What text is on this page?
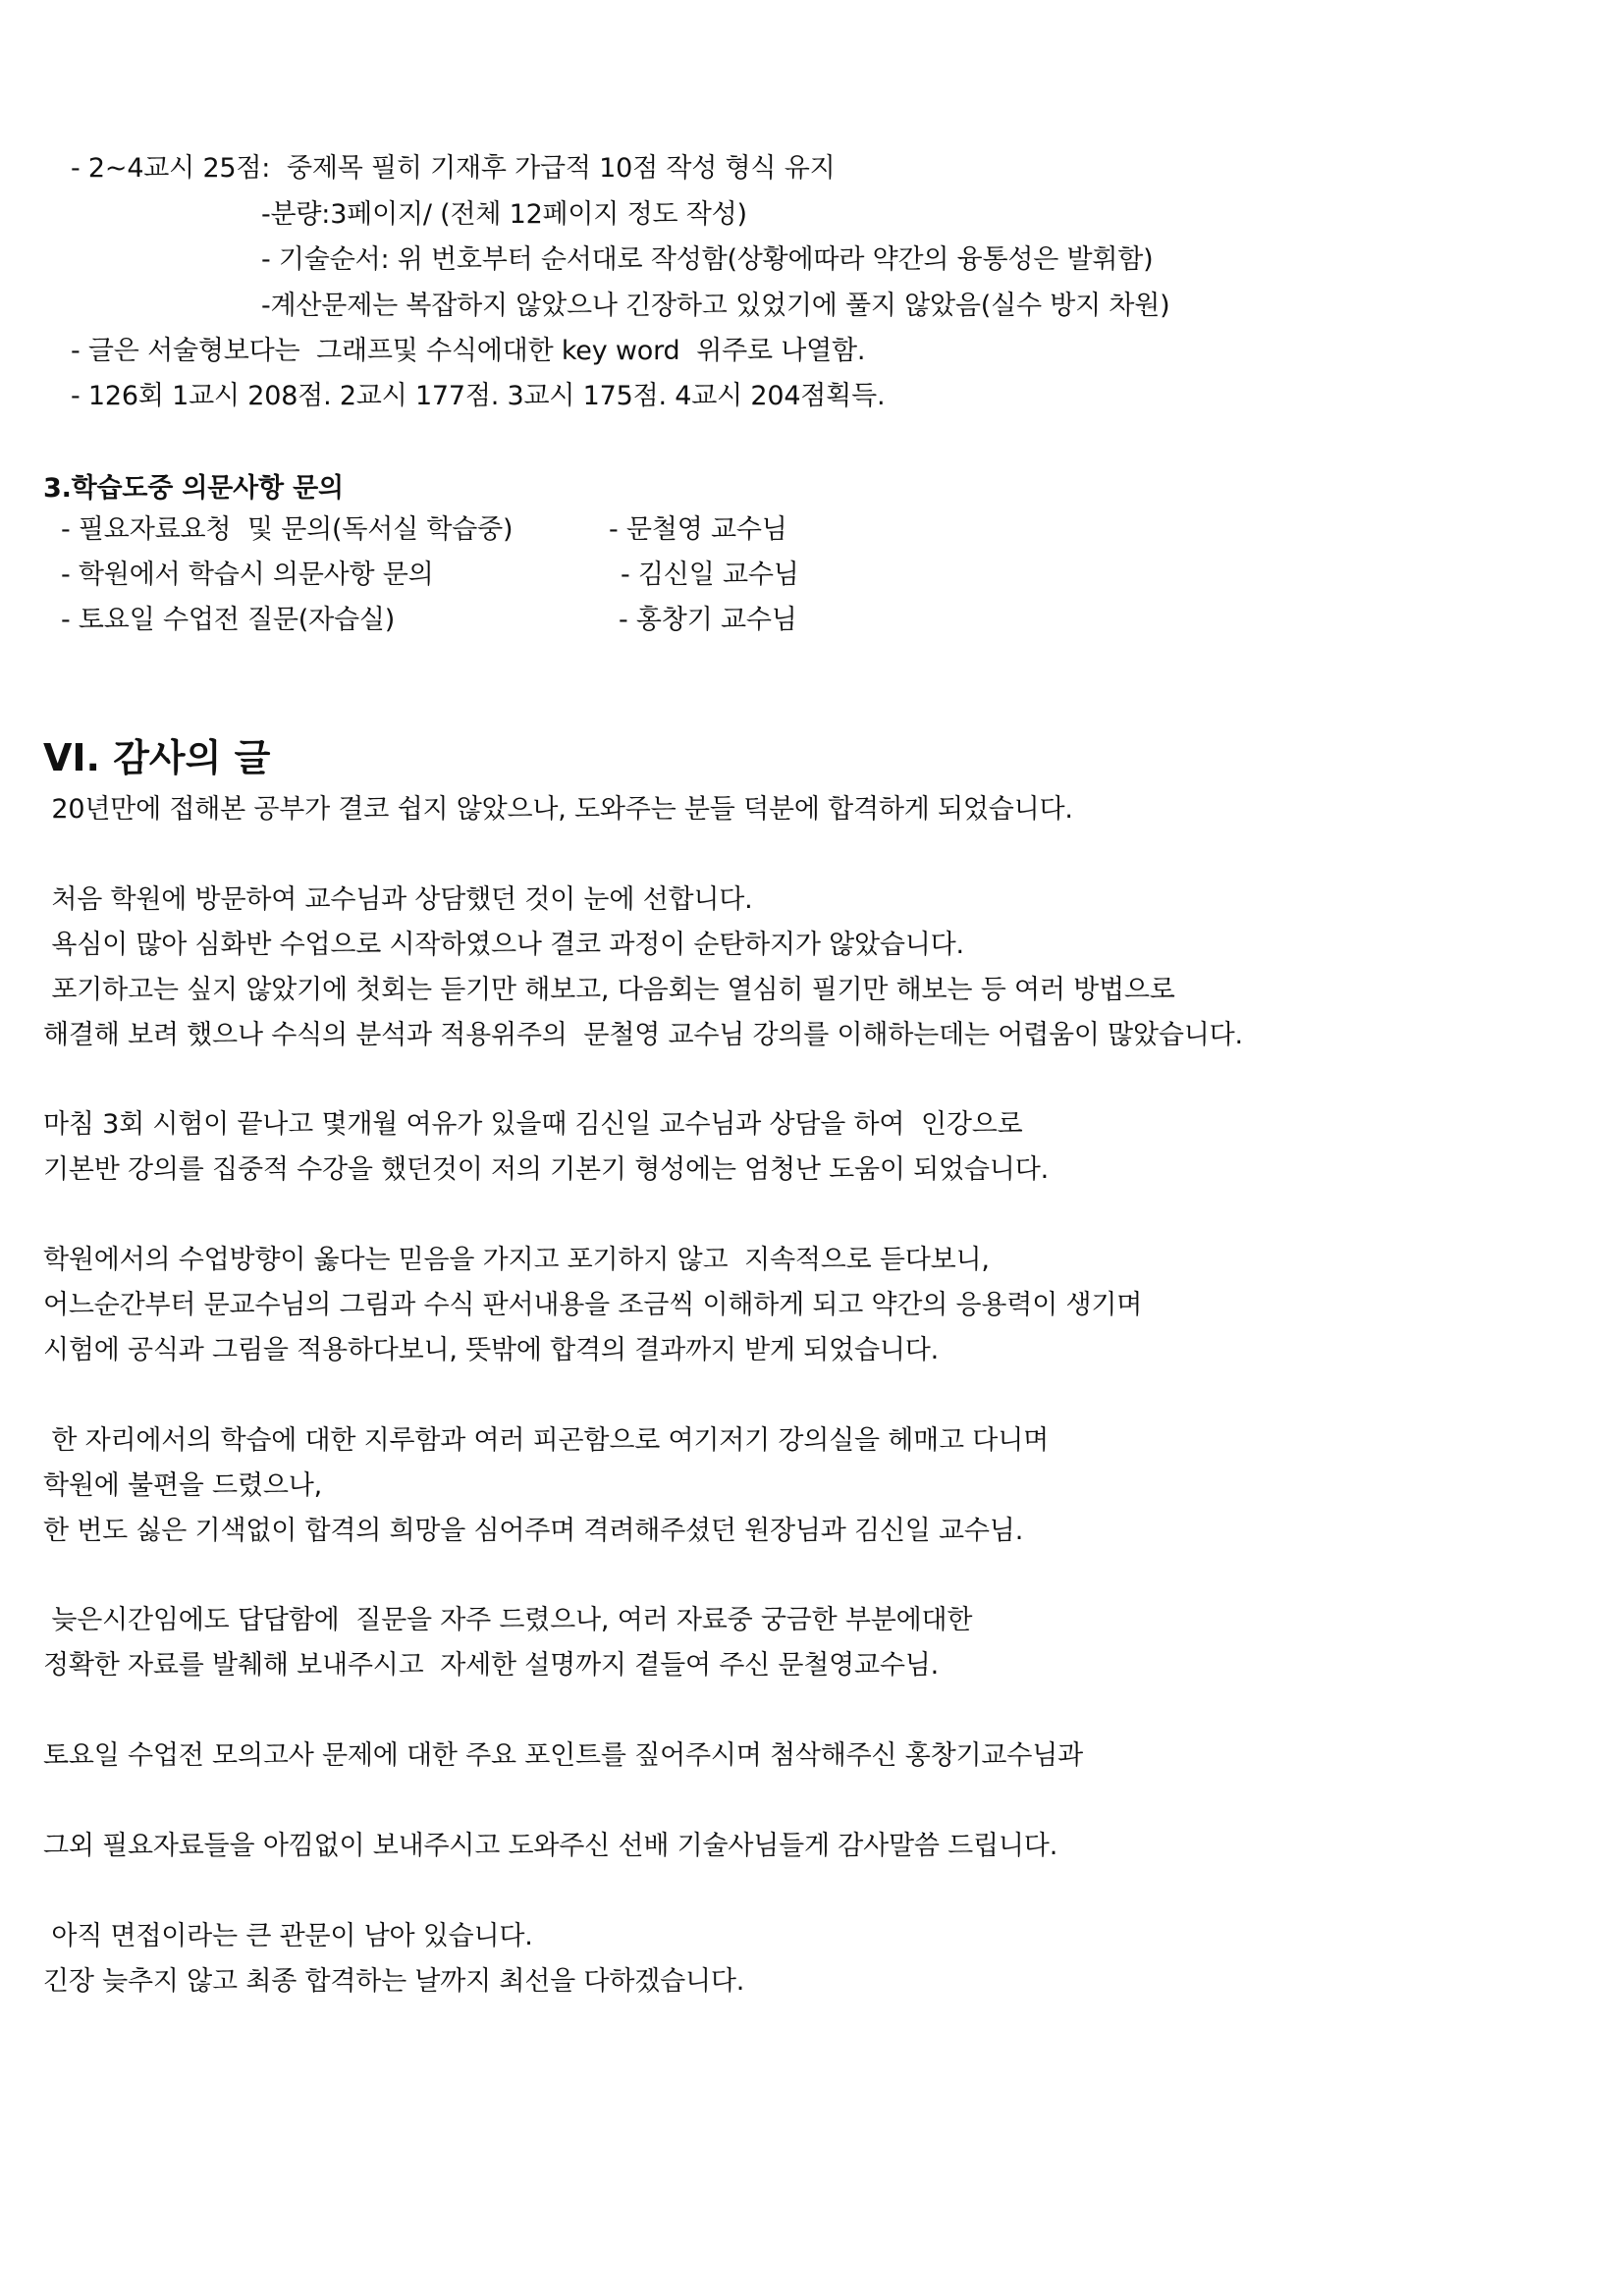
- 2~4교시 25점:  중제목 필히 기재후 가급적 10점 작성 형식 유지
-분량:3페이지/ (전체 12페이지 정도 작성)
- 기술순서: 위 번호부터 순서대로 작성함(상황에따라 약간의 융통성은 발휘함)
-계산문제는 복잡하지 않았으나 긴장하고 있었기에 풀지 않았음(실수 방지 차원)
- 글은 서술형보다는  그래프및 수식에대한 key word  위주로 나열함.
- 126회 1교시 208점. 2교시 177점. 3교시 175점. 4교시 204점획득.
3.학습도중 의문사항 문의
- 필요자료요청  및 문의(독서실 학습중)	- 문철영 교수님
- 학원에서 학습시 의문사항 문의	- 김신일 교수님
- 토요일 수업전 질문(자습실)	- 홍창기 교수님
VI. 감사의 글
20년만에 접해본 공부가 결코 쉽지 않았으나, 도와주는 분들 덕분에 합격하게 되었습니다.
처음 학원에 방문하여 교수님과 상담했던 것이 눈에 선합니다.
욕심이 많아 심화반 수업으로 시작하였으나 결코 과정이 순탄하지가 않았습니다.
포기하고는 싶지 않았기에 첫회는 듣기만 해보고, 다음회는 열심히 필기만 해보는 등 여러 방법으로
해결해 보려 했으나 수식의 분석과 적용위주의  문철영 교수님 강의를 이해하는데는 어렵움이 많았습니다.
마침 3회 시험이 끝나고 몇개월 여유가 있을때 김신일 교수님과 상담을 하여  인강으로
기본반 강의를 집중적 수강을 했던것이 저의 기본기 형성에는 엄청난 도움이 되었습니다.
학원에서의 수업방향이 옳다는 믿음을 가지고 포기하지 않고  지속적으로 듣다보니,
어느순간부터 문교수님의 그림과 수식 판서내용을 조금씩 이해하게 되고 약간의 응용력이 생기며
시험에 공식과 그림을 적용하다보니, 뜻밖에 합격의 결과까지 받게 되었습니다.
한 자리에서의 학습에 대한 지루함과 여러 피곤함으로 여기저기 강의실을 헤매고 다니며
학원에 불편을 드렸으나,
한 번도 싫은 기색없이 합격의 희망을 심어주며 격려해주셨던 원장님과 김신일 교수님.
늦은시간임에도 답답함에  질문을 자주 드렸으나, 여러 자료중 궁금한 부분에대한
정확한 자료를 발췌해 보내주시고  자세한 설명까지 곁들여 주신 문철영교수님.
토요일 수업전 모의고사 문제에 대한 주요 포인트를 짚어주시며 첨삭해주신 홍창기교수님과
그외 필요자료들을 아낌없이 보내주시고 도와주신 선배 기술사님들게 감사말씀 드립니다.
아직 면접이라는 큰 관문이 남아 있습니다.
긴장 늦추지 않고 최종 합격하는 날까지 최선을 다하겠습니다.
